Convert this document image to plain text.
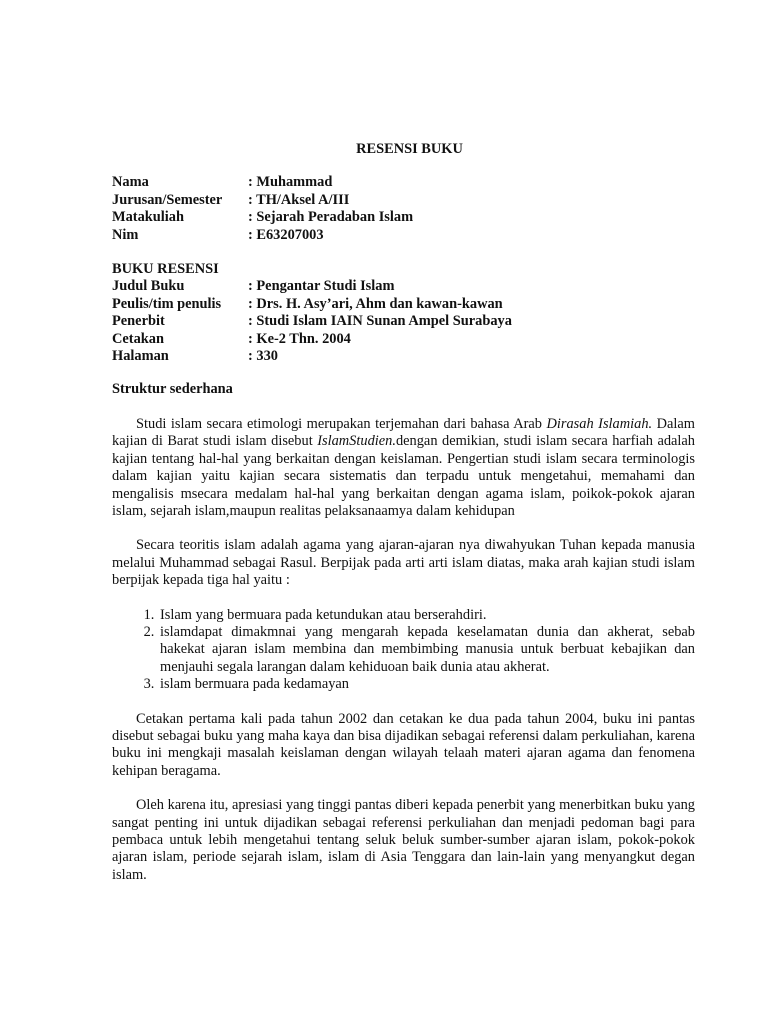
RESENSI BUKU
Nama	: Muhammad
Jurusan/Semester	: TH/Aksel A/III
Matakuliah	: Sejarah Peradaban Islam
Nim	: E63207003
BUKU RESENSI
Judul Buku	: Pengantar Studi Islam
Peulis/tim penulis	: Drs. H. Asy’ari, Ahm dan kawan-kawan
Penerbit	: Studi Islam IAIN Sunan Ampel Surabaya
Cetakan	: Ke-2 Thn. 2004
Halaman	: 330
Struktur sederhana

Studi islam secara etimologi merupakan terjemahan dari bahasa Arab Dirasah Islamiah. Dalam kajian di Barat studi islam disebut IslamStudien.dengan demikian, studi islam secara harfiah adalah kajian tentang hal-hal yang berkaitan dengan keislaman. Pengertian studi islam secara terminologis dalam kajian yaitu kajian secara sistematis dan terpadu untuk mengetahui, memahami dan mengalisis msecara medalam hal-hal yang berkaitan dengan agama islam, poikok-pokok ajaran islam, sejarah islam,maupun realitas pelaksanaamya dalam kehidupan

Secara teoritis islam adalah agama yang ajaran-ajaran nya diwahyukan Tuhan kepada manusia melalui Muhammad sebagai Rasul. Berpijak pada arti arti islam diatas, maka arah kajian studi islam berpijak kepada tiga hal yaitu :

1. Islam yang bermuara pada ketundukan atau berserahdiri.
2. islamdapat dimakmnai yang mengarah kepada keselamatan dunia dan akherat, sebab hakekat ajaran islam membina dan membimbing manusia untuk berbuat kebajikan dan menjauhi segala larangan dalam kehiduoan baik dunia atau akherat.
3. islam bermuara pada kedamayan

Cetakan pertama kali pada tahun 2002 dan cetakan ke dua pada tahun 2004, buku ini pantas disebut sebagai buku yang maha kaya dan bisa dijadikan sebagai referensi dalam perkuliahan, karena buku ini mengkaji masalah keislaman dengan wilayah telaah materi ajaran agama dan fenomena kehipan beragama.

Oleh karena itu, apresiasi yang tinggi pantas diberi kepada penerbit yang menerbitkan buku yang sangat penting ini untuk dijadikan sebagai referensi perkuliahan dan menjadi pedoman bagi para pembaca untuk lebih mengetahui tentang seluk beluk sumber-sumber ajaran islam, pokok-pokok ajaran islam, periode sejarah islam, islam di Asia Tenggara dan lain-lain yang menyangkut degan islam.
